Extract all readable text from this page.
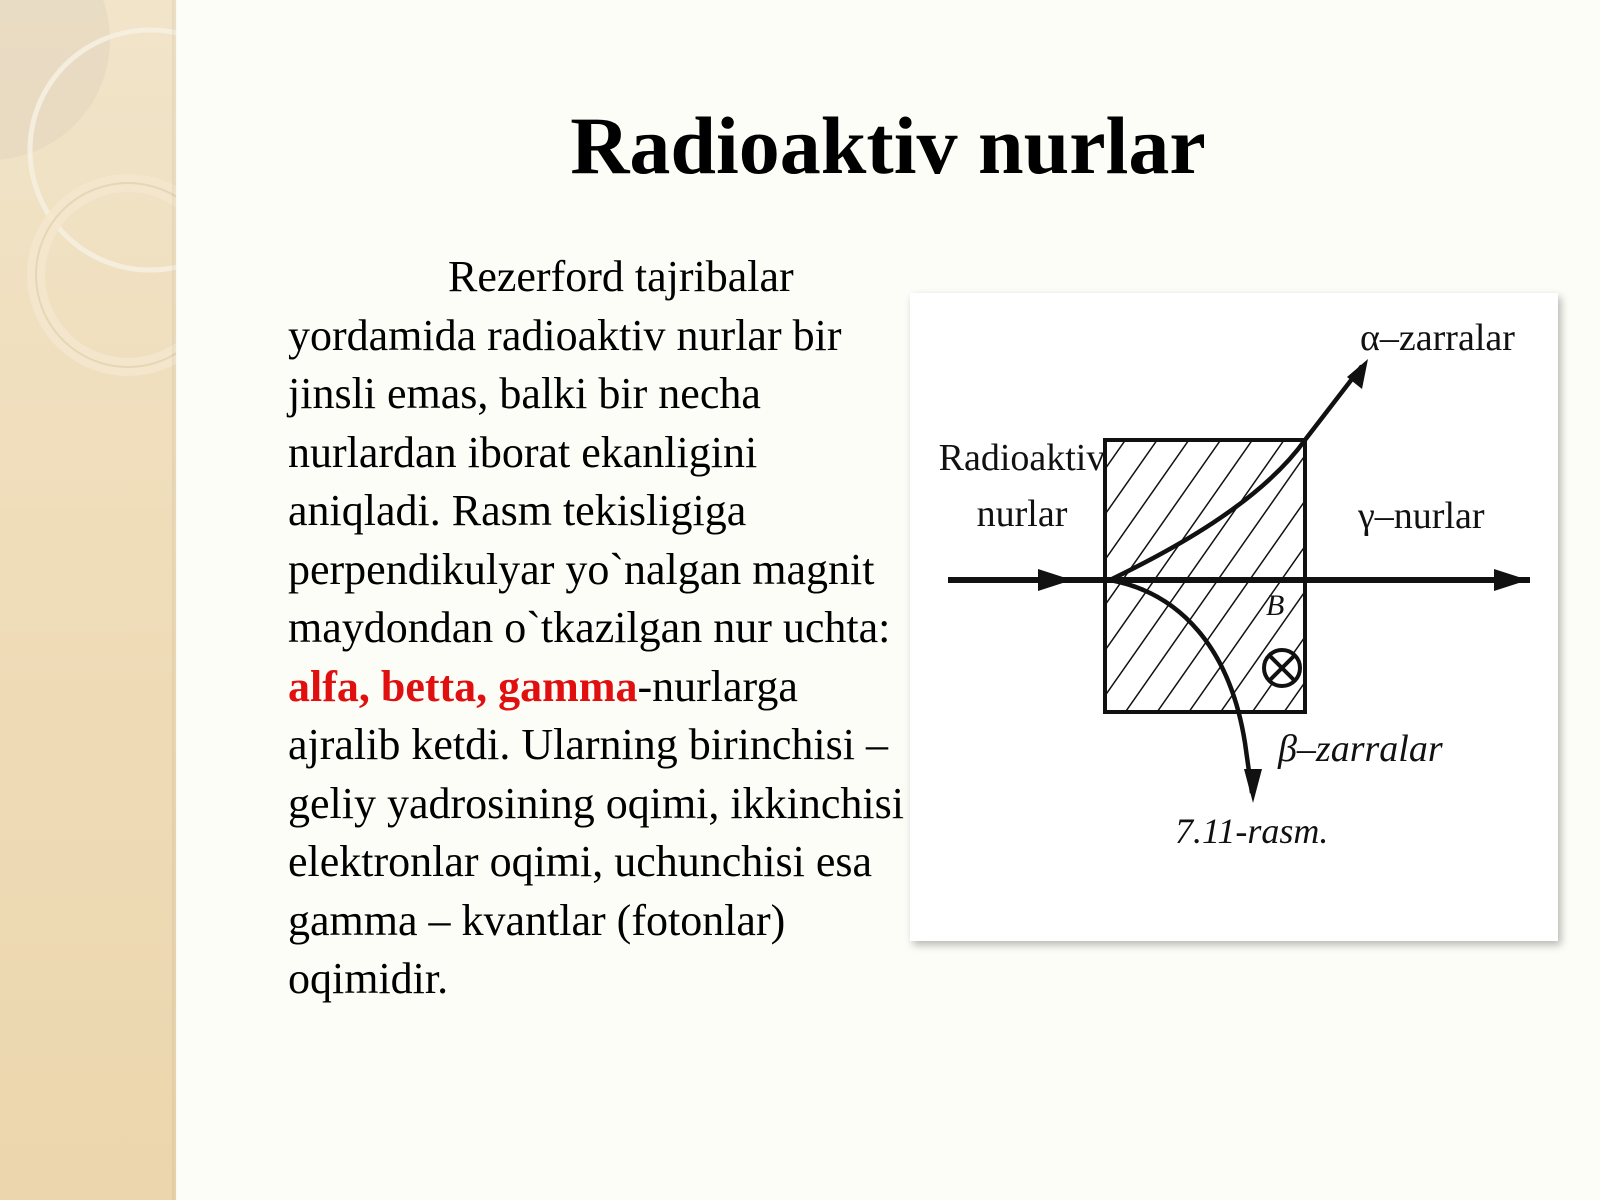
Radioaktiv nurlar
Rezerford tajribalar yordamida radioaktiv nurlar bir jinsli emas, balki bir necha nurlardan iborat ekanligini aniqladi. Rasm tekisligiga perpendikulyar yo`nalgan magnit maydondan o`tkazilgan nur uchta: alfa, betta, gamma-nurlarga ajralib ketdi. Ularning birinchisi – geliy yadrosining oqimi, ikkinchisi elektronlar oqimi, uchunchisi esa gamma – kvantlar (fotonlar) oqimidir.
B
Radioaktiv
nurlar
α–zarralar
γ–nurlar
β–zarralar
7.11-rasm.
